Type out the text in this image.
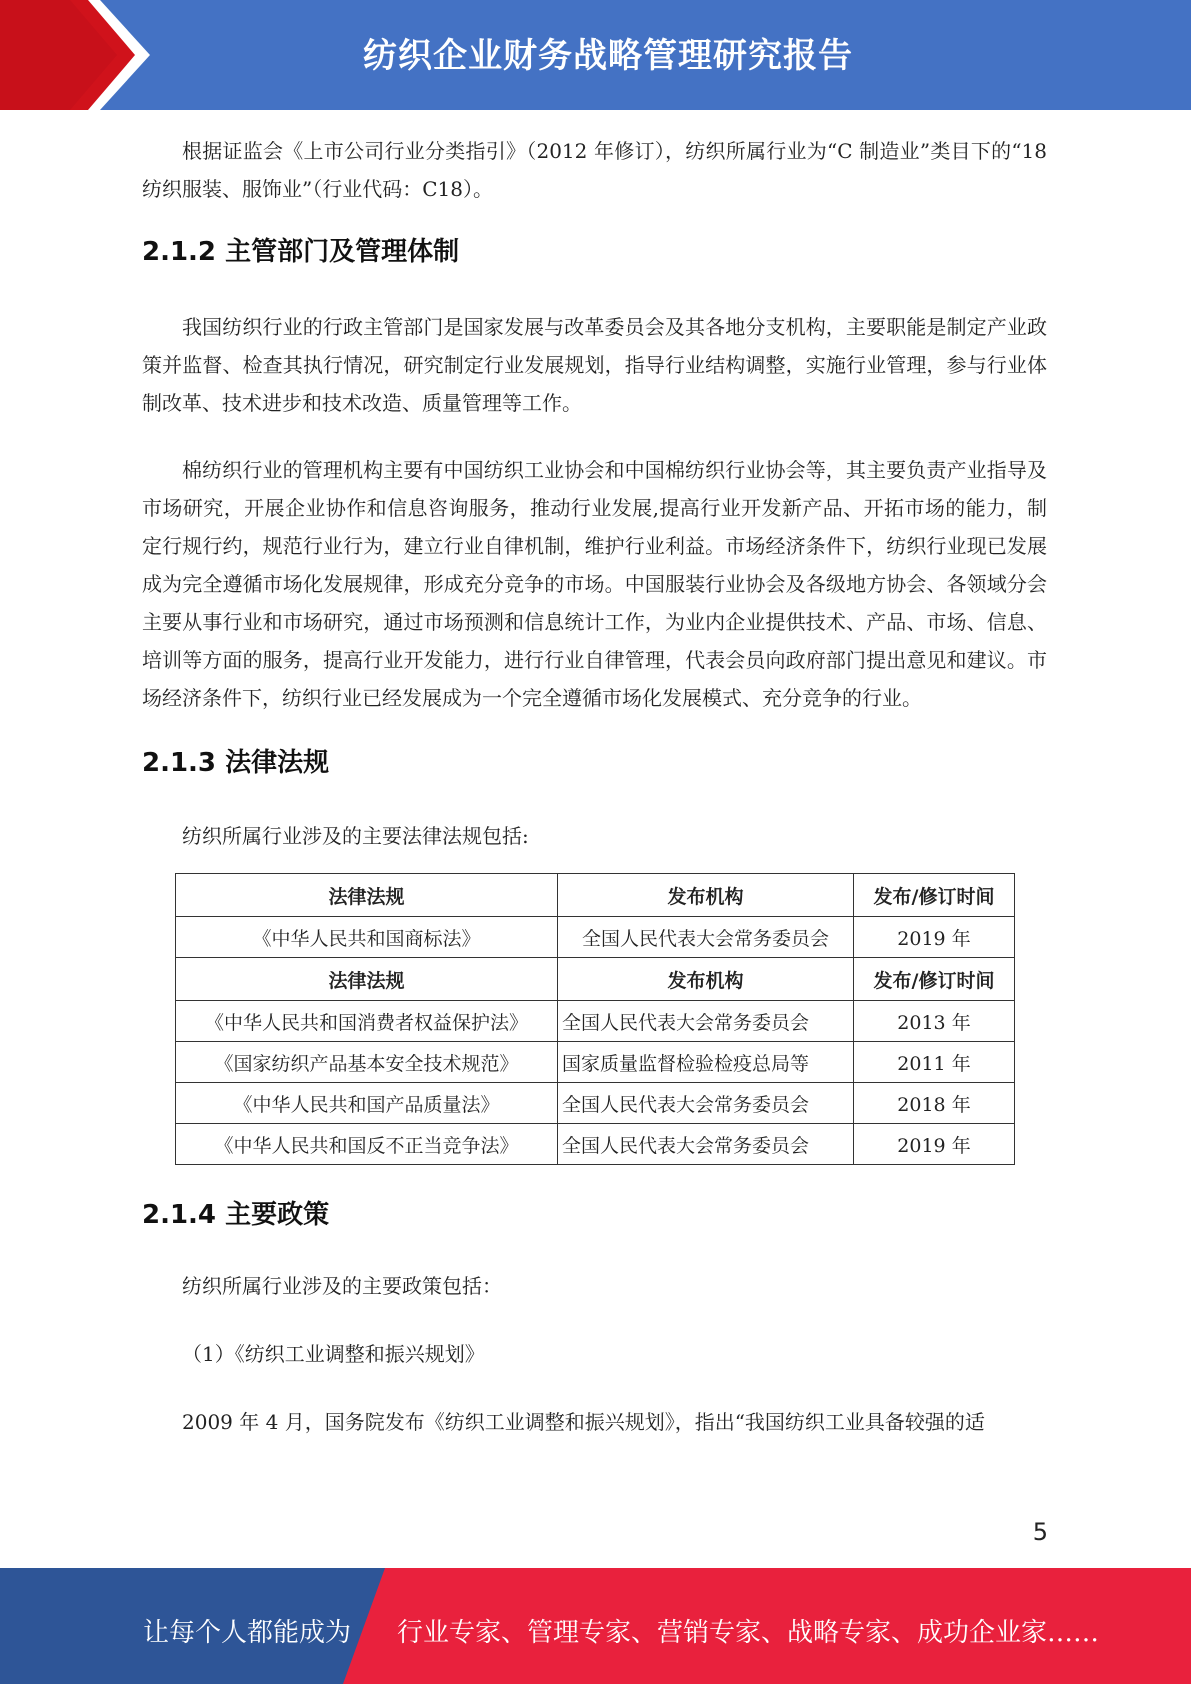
纺织企业财务战略管理研究报告

根据证监会《上市公司行业分类指引》（2012 年修订），纺织所属行业为“C 制造业”类目下的“18 纺织服装、服饰业”（行业代码：C18）。

2.1.2 主管部门及管理体制

我国纺织行业的行政主管部门是国家发展与改革委员会及其各地分支机构，主要职能是制定产业政策并监督、检查其执行情况，研究制定行业发展规划，指导行业结构调整，实施行业管理，参与行业体制改革、技术进步和技术改造、质量管理等工作。

棉纺织行业的管理机构主要有中国纺织工业协会和中国棉纺织行业协会等，其主要负责产业指导及市场研究，开展企业协作和信息咨询服务，推动行业发展,提高行业开发新产品、开拓市场的能力，制定行规行约，规范行业行为，建立行业自律机制，维护行业利益。市场经济条件下，纺织行业现已发展成为完全遵循市场化发展规律，形成充分竞争的市场。中国服装行业协会及各级地方协会、各领域分会主要从事行业和市场研究，通过市场预测和信息统计工作，为业内企业提供技术、产品、市场、信息、培训等方面的服务，提高行业开发能力，进行行业自律管理，代表会员向政府部门提出意见和建议。市场经济条件下，纺织行业已经发展成为一个完全遵循市场化发展模式、充分竞争的行业。

2.1.3 法律法规

纺织所属行业涉及的主要法律法规包括:

法律法规	发布机构	发布/修订时间
《中华人民共和国商标法》	全国人民代表大会常务委员会	2019 年
法律法规	发布机构	发布/修订时间
《中华人民共和国消费者权益保护法》	全国人民代表大会常务委员会	2013 年
《国家纺织产品基本安全技术规范》	国家质量监督检验检疫总局等	2011 年
《中华人民共和国产品质量法》	全国人民代表大会常务委员会	2018 年
《中华人民共和国反不正当竞争法》	全国人民代表大会常务委员会	2019 年
2.1.4 主要政策

纺织所属行业涉及的主要政策包括：

（1）《纺织工业调整和振兴规划》

2009 年 4 月，国务院发布《纺织工业调整和振兴规划》，指出“我国纺织工业具备较强的适

5
让每个人都能成为 行业专家、管理专家、营销专家、战略专家、成功企业家……
